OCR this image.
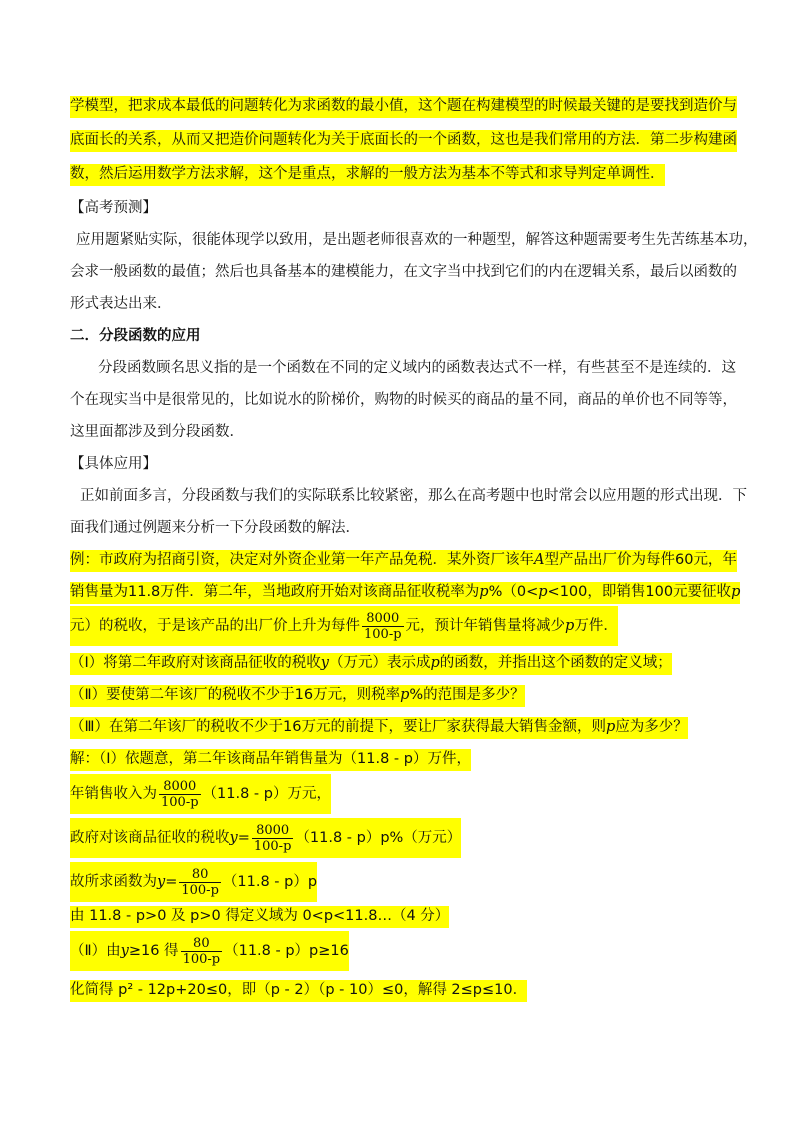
学模型，把求成本最低的问题转化为求函数的最小值，这个题在构建模型的时候最关键的是要找到造价与
底面长的关系，从而又把造价问题转化为关于底面长的一个函数，这也是我们常用的方法．第二步构建函
数，然后运用数学方法求解，这个是重点，求解的一般方法为基本不等式和求导判定单调性．
【高考预测】
应用题紧贴实际，很能体现学以致用，是出题老师很喜欢的一种题型，解答这种题需要考生先苦练基本功，
会求一般函数的最值；然后也具备基本的建模能力，在文字当中找到它们的内在逻辑关系，最后以函数的
形式表达出来．
二．分段函数的应用
分段函数顾名思义指的是一个函数在不同的定义域内的函数表达式不一样，有些甚至不是连续的．这
个在现实当中是很常见的，比如说水的阶梯价，购物的时候买的商品的量不同，商品的单价也不同等等，
这里面都涉及到分段函数．
【具体应用】
正如前面多言，分段函数与我们的实际联系比较紧密，那么在高考题中也时常会以应用题的形式出现．下
面我们通过例题来分析一下分段函数的解法．
例：市政府为招商引资，决定对外资企业第一年产品免税．某外资厂该年A型产品出厂价为每件60元，年
销售量为11.8万件．第二年，当地政府开始对该商品征收税率为p%（0<p<100，即销售100元要征收p
元）的税收，于是该产品的出厂价上升为每件 $\frac{8000}{100-p}$ 元，预计年销售量将减少p万件．
（Ⅰ）将第二年政府对该商品征收的税收y（万元）表示成p的函数，并指出这个函数的定义域；
（Ⅱ）要使第二年该厂的税收不少于16万元，则税率p%的范围是多少？
（Ⅲ）在第二年该厂的税收不少于16万元的前提下，要让厂家获得最大销售金额，则p应为多少？
解：（Ⅰ）依题意，第二年该商品年销售量为（11.8 - p）万件，
年销售收入为 $\frac{8000}{100-p} (11.8 - p)$万元，
政府对该商品征收的税收$y= \frac{8000}{100-p} (11.8 - p)p\%$（万元）
故所求函数为$y= \frac{80}{100-p} (11.8 - p)p$
由 11.8 - p>0 及 p>0 得定义域为 0<p<11.8…（4 分）
（Ⅱ）由y≥16 得 $\frac{80}{100-p} (11.8 - p)p\ge 16$
化简得 p² - 12p+20≤0，即（p - 2）（p - 10）≤0，解得 2≤p≤10．
